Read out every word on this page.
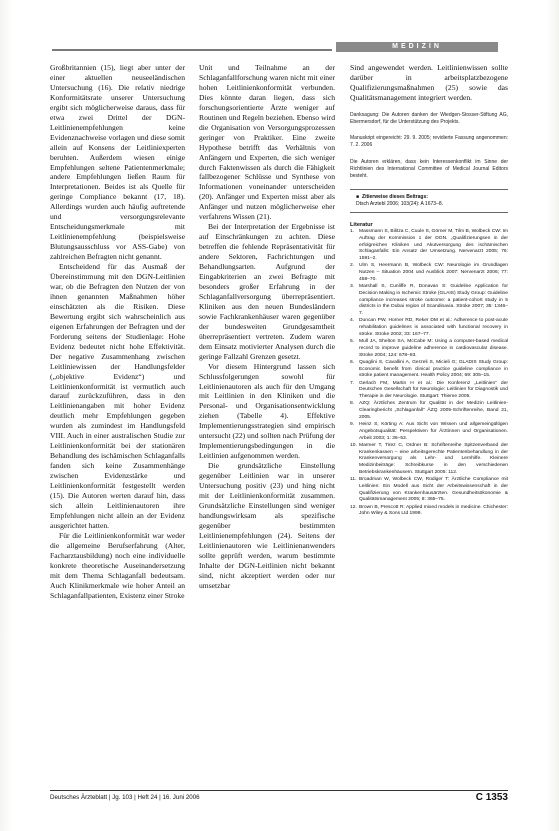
MEDIZIN

Großbritannien (15), liegt aber unter der einer aktuellen neuseeländischen Untersuchung (16). Die relativ niedrige Konformitätsrate unserer Untersuchung ergibt sich möglicherweise daraus, dass für etwa zwei Drittel der DGN-Leitlinienempfehlungen keine Evidenznachweise vorlagen und diese somit allein auf Konsens der Leitliniexperten beruhten. Außerdem wiesen einige Empfehlungen seltene Patientenmerkmale; andere Empfehlungen ließen Raum für Interpretationen. Beides ist als Quelle für geringe Compliance bekannt (17, 18). Allerdings wurden auch häufig auftretende und versorgungsrelevante Entscheidungsmerkmale mit Leitlinienempfehlung (beispielsweise Blutungsausschluss vor ASS-Gabe) von zahlreichen Befragten nicht genannt.

Entscheidend für das Ausmaß der Übereinstimmung mit den DGN-Leitlinien war, ob die Befragten den Nutzen der von ihnen genannten Maßnahmen höher einschätzten als die Risiken. Diese Bewertung ergibt sich wahrscheinlich aus eigenen Erfahrungen der Befragten und der Forderung seitens der Studienlage: Hohe Evidenz bedeutet nicht hohe Effektivität. Der negative Zusammenhang zwischen Leitliniewissen der Handlungsfelder („objektive Evidenz“) und Leitlinienkonformität ist vermutlich auch darauf zurückzuführen, dass in den Leitlinienangaben mit hoher Evidenz deutlich mehr Empfehlungen gegeben wurden als zumindest im Handlungsfeld VIII. Auch in einer australischen Studie zur Leitlinienkonformität bei der stationären Behandlung des ischämischen Schlaganfalls fanden sich keine Zusammenhänge zwischen Evidenzstärke und Leitlinienkonformität festgestellt werden (15). Die Autoren werten darauf hin, dass sich allein Leitlinienautoren ihre Empfehlungen nicht allein an der Evidenz ausgerichtet hatten.

Für die Leitlinienkonformität war weder die allgemeine Berufserfahrung (Alter, Facharztausbildung) noch eine individuelle konkrete theoretische Auseinandersetzung mit dem Thema Schlaganfall bedeutsam. Auch Klinikmerkmale wie hoher Anteil an Schlaganfallpatienten, Existenz einer Stroke

Unit und Teilnahme an der Schlaganfallforschung waren nicht mit einer hohen Leitlinienkonformität verbunden. Dies könnte daran liegen, dass sich forschungsorientierte Ärzte weniger auf Routinen und Regeln beziehen. Ebenso wird die Organisation von Versorgungsprozessen geringer von Praktiker. Eine zweite Hypothese betrifft das Verhältnis von Anfängern und Experten, die sich weniger durch Faktenwissen als durch die Fähigkeit fallbezogener Schlüsse und Synthese von Informationen voneinander unterscheiden (20). Anfänger und Experten misst aber als Anfänger und nutzen möglicherweise eher verfahrens Wissen (21).

Bei der Interpretation der Ergebnisse ist auf Einschränkungen zu achten. Diese betreffen die fehlende Repräsentativität für andere Sektoren, Fachrichtungen und Behandlungsarten. Aufgrund der Eingabkriterien an zwei Befragte mit besonders großer Erfahrung in der Schlaganfallversorgung überrepräsentiert. Kliniken aus den neuen Bundesländern sowie Fachkrankenhäuser waren gegenüber der bundesweiten Grundgesamtheit überrepräsentiert vertreten. Zudem waren dem Einsatz motivierter Analysen durch die geringe Fallzahl Grenzen gesetzt.

Vor diesem Hintergrund lassen sich Schlussfolgerungen sowohl für Leitlinienautoren als auch für den Umgang mit Leitlinien in den Kliniken und die Personal- und Organisationsentwicklung ziehen (Tabelle 4). Effektive Implementierungsstrategien sind empirisch untersucht (22) und sollten nach Prüfung der Implementierungsbedingungen in die Leitlinien aufgenommen werden.

Die grundsätzliche Einstellung gegenüber Leitlinien war in unserer Untersuchung positiv (23) und hing nicht mit der Leitlinienkonformität zusammen. Grundsätzliche Einstellungen sind weniger handlungswirksam als spezifische gegenüber bestimmten Leitlinienempfehlungen (24). Seitens der Leitlinienautoren wie Leitlinienanwenders sollte geprüft werden, warum bestimmte Inhalte der DGN-Leitlinien nicht bekannt sind, nicht akzeptiert werden oder nur umsetzbar

Sind angewendet werden. Leitlinienwissen sollte darüber in arbeitsplatzbezogene Qualifizierungsmaßnahmen (25) sowie das Qualitätsmanagement integriert werden.
Danksagung: Die Autoren danken der Wiedgen-Stosser-Stiftung AG, Ebermersdorf, für die Unterstützung des Projekts.
Manuskript eingereicht: 29. 9. 2005; revidierte Fassung angenommen: 7. 2. 2006
Die Autoren erklären, dass kein Interessenkonflikt im Sinne der Richtlinien des International Committee of Medical Journal Editors besteht.
■ Zitierweise dieses Beitrags:
Dtsch Arztebl 2006; 103(24): A 1673–8.
Literatur
1. Massmann S, Bilitza C, Cuule S, Görner M, Tilm B, Wolbeck CW: Im Auftrag der Kommission 1 der DGN. „Qualifizierungsen in der erfolgreichen Kliniken und Akutversorgung des ischämischen Schlaganfalls: Ein Ansatz der Umsetzung. Nervenarzt 2005; 76: 1591–2.
2. Ulm S, Heermann B, Wolbeck CW: Neurologie im Grundlagen Nutzen – Situation 2004 und Ausblick 2007: Nervenarzt 2006; 77: 458–70.
3. Marshall S, Cunliffe R, Donavan S: Guideline Application for Decision Making in Ischemic Stroke (GLAIS) Study Group: Guideline compliance increases stroke outcome: a patient-cohort study in 5 districts in the Dubai region of Scandinavia. Stroke 2007; 35: 1346–7.
4. Duncan PW, Horner RD, Reker DM et al.: Adherence to post-acute rehabilitation guidelines is associated with functional recovery in stroke. Stroke 2002; 33: 167–77.
5. Mull JA, Shelton SA, McCabe M: Using a computer-based medical record to improve guideline adherence in cardiovascular disease. Stroke 2004; 124: 678–83.
6. Quaglini S, Cavallini A, Gerzeli S, Micieli G; GLADIS Study Group: Economic benefit from clinical practice guideline compliance in stroke patient management. Health Policy 2004; 69: 305–15.
7. Gerlach FM, Martin H et al.: Die Konferenz „Leitlinien“ der Deutschen Gesellschaft für Neurologie: Leitlinien für Diagnostik und Therapie in der Neurologie. Stuttgart: Thieme 2005.
8. AZQ: Ärztliches Zentrum für Qualität in der Medizin Leitlinien-Clearingbericht „Schlaganfall“ ÄZQ 2005-Schriftenreihe, Band 21, 2005.
9. Heinz S, Körting A: Aus Sicht von Wissen und allgemeingültigen Angebotsqualität: Perspektiven für Ärztinnen und Organisationen. Arbeit 2003; 1: 36–53.
10. Marmer T, Tirez C, Ordner B: Schriftenreihe Spitzenverband der Krankenkassen – eine arbeitsgerechte Patientenbehandlung in der Krankenversorgung als Lehr- und Lernhilfe. Kleinere Medizinbeiträge: Schreibkurse in den verschiedenen Betriebskrankenhäusern. Stuttgart 2005: 112.
11. Broadman W, Wolbeck CW, Rüdiger T: Ärztliche Compliance mit Leitlinien: Ein Modell aus Sicht der Arbeitswissenschaft in der Qualifizierung von Krankenhausärzten. Gesundheitsökonomie & Qualitätsmanagement 2005; 8: 365–75.
12. Brown B, Prescott R: Applied mixed models in medicine. Chichester: John Wiley & Sons Ltd 1999.
Deutsches Ärzteblatt | Jg. 103 | Heft 24 | 16. Juni 2006	C 1353
